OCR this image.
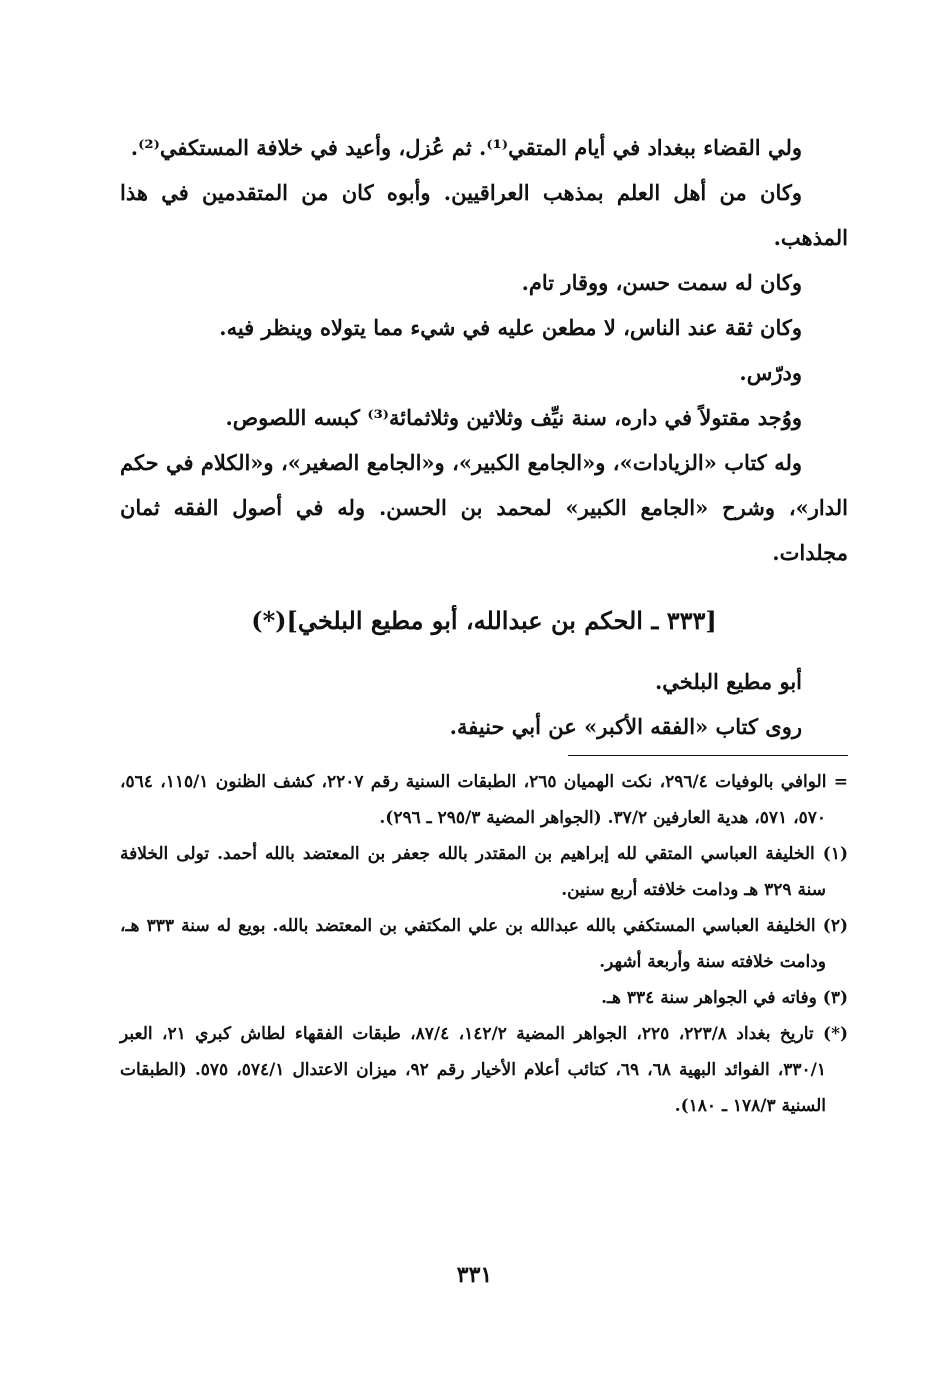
ولي القضاء ببغداد في أيام المتقي⁽¹⁾. ثم عُزل، وأعيد في خلافة المستكفي⁽²⁾.

وكان من أهل العلم بمذهب العراقيين. وأبوه كان من المتقدمين في هذا المذهب.

وكان له سمت حسن، ووقار تام.

وكان ثقة عند الناس، لا مطعن عليه في شيء مما يتولاه وينظر فيه.

ودرّس.

ووُجد مقتولاً في داره، سنة نيِّف وثلاثين وثلاثمائة⁽³⁾ كبسه اللصوص.

وله كتاب «الزيادات»، و«الجامع الكبير»، و«الجامع الصغير»، و«الكلام في حكم الدار»، وشرح «الجامع الكبير» لمحمد بن الحسن. وله في أصول الفقه ثمان مجلدات.

[٣٣٣ ـ الحكم بن عبدالله، أبو مطيع البلخي](*)

أبو مطيع البلخي.

روى كتاب «الفقه الأكبر» عن أبي حنيفة.

= الوافي بالوفيات ٢٩٦/٤، نكت الهميان ٢٦٥، الطبقات السنية رقم ٢٢٠٧، كشف الظنون ١١٥/١، ٥٦٤، ٥٧٠، ٥٧١، هدية العارفين ٣٧/٢. (الجواهر المضية ٢٩٥/٣ ـ ٢٩٦).

(١) الخليفة العباسي المتقي لله إبراهيم بن المقتدر بالله جعفر بن المعتضد بالله أحمد. تولى الخلافة سنة ٣٢٩ هـ ودامت خلافته أربع سنين.

(٢) الخليفة العباسي المستكفي بالله عبدالله بن علي المكتفي بن المعتضد بالله. بويع له سنة ٣٣٣ هـ، ودامت خلافته سنة وأربعة أشهر.

(٣) وفاته في الجواهر سنة ٣٣٤ هـ.

(*) تاريخ بغداد ٢٢٣/٨، ٢٢٥، الجواهر المضية ١٤٢/٢، ٨٧/٤، طبقات الفقهاء لطاش كبري ٢١، العبر ٣٣٠/١، الفوائد البهية ٦٨، ٦٩، كتائب أعلام الأخيار رقم ٩٢، ميزان الاعتدال ٥٧٤/١، ٥٧٥. (الطبقات السنية ١٧٨/٣ ـ ١٨٠).

٣٣١
